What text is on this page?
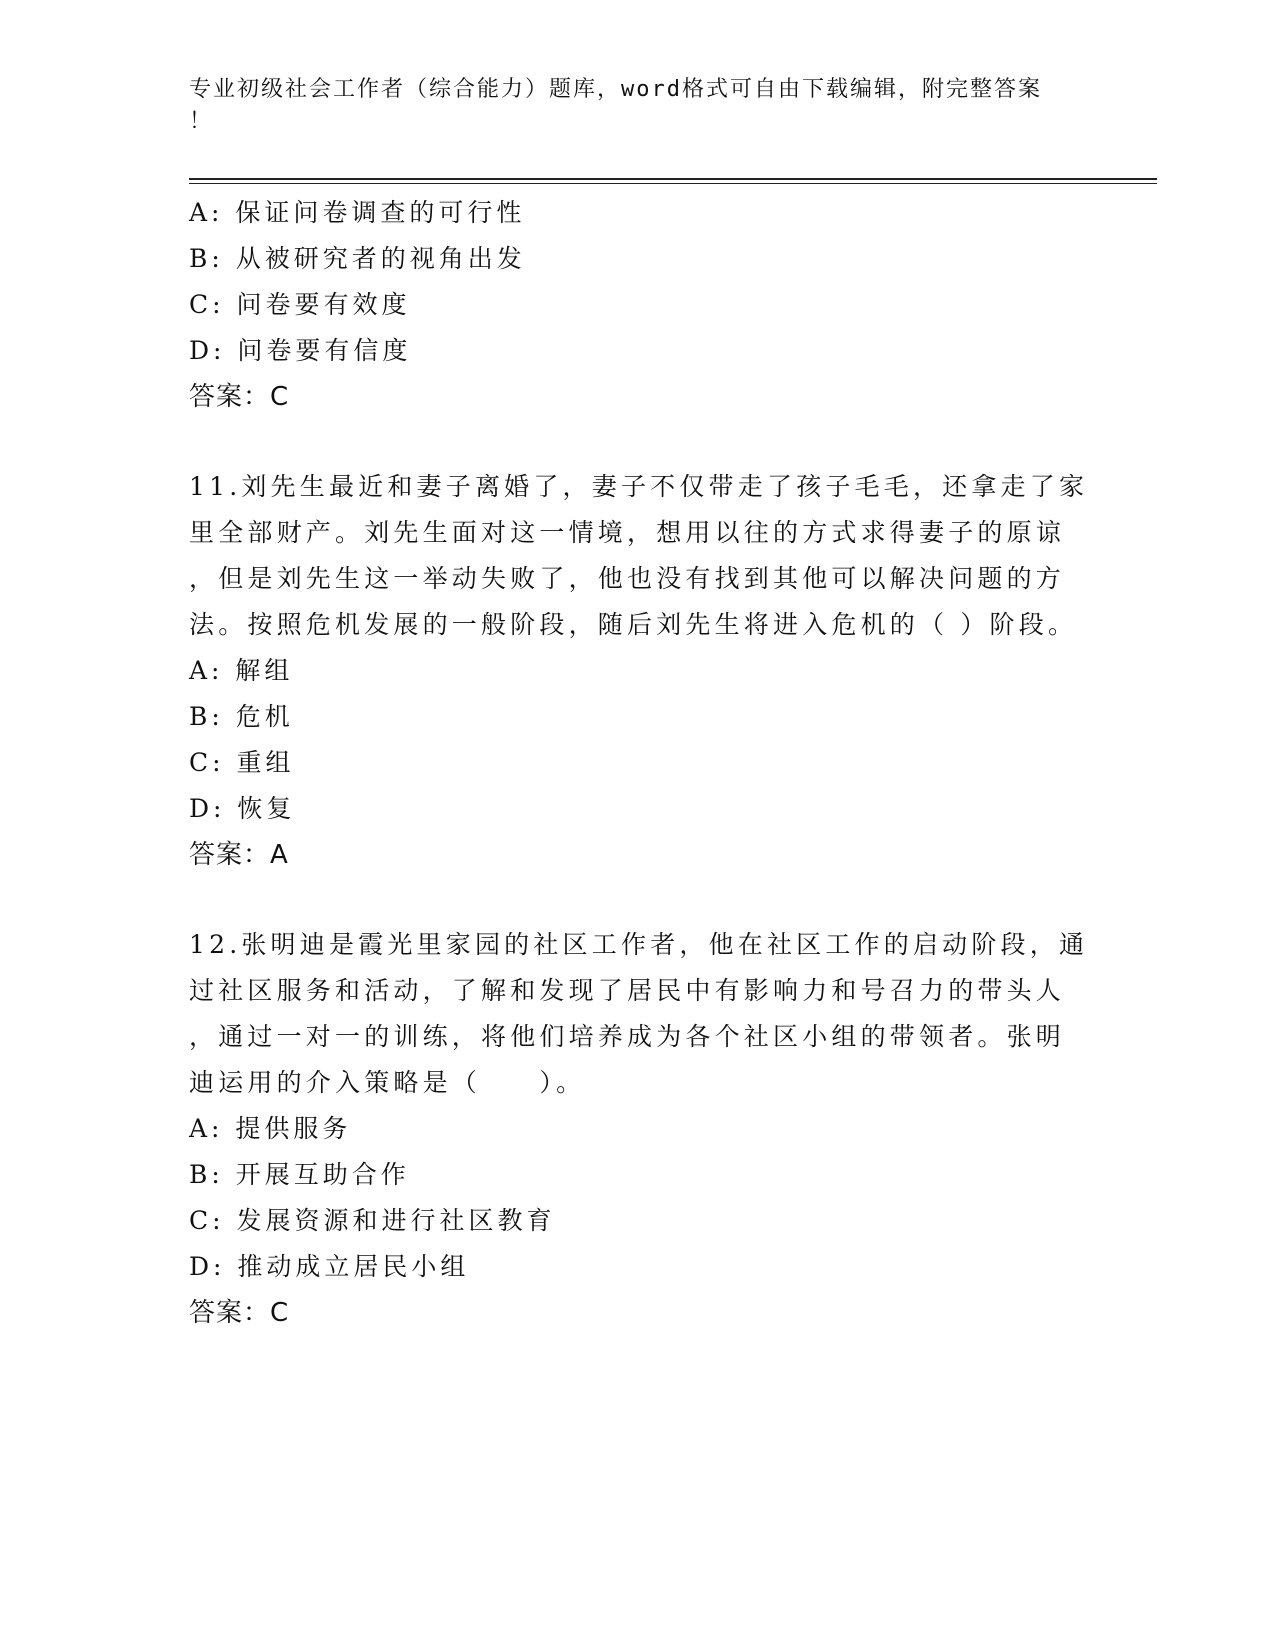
专业初级社会工作者（综合能力）题库，word格式可自由下载编辑，附完整答案
！
A: 保证问卷调查的可行性
B: 从被研究者的视角出发
C: 问卷要有效度
D: 问卷要有信度
答案：C
11.刘先生最近和妻子离婚了，妻子不仅带走了孩子毛毛，还拿走了家
里全部财产。刘先生面对这一情境，想用以往的方式求得妻子的原谅
，但是刘先生这一举动失败了，他也没有找到其他可以解决问题的方
法。按照危机发展的一般阶段，随后刘先生将进入危机的（ ）阶段。
A: 解组
B: 危机
C: 重组
D: 恢复
答案：A
12.张明迪是霞光里家园的社区工作者，他在社区工作的启动阶段，通
过社区服务和活动，了解和发现了居民中有影响力和号召力的带头人
，通过一对一的训练，将他们培养成为各个社区小组的带领者。张明
迪运用的介入策略是（　　）。
A: 提供服务
B: 开展互助合作
C: 发展资源和进行社区教育
D: 推动成立居民小组
答案：C
